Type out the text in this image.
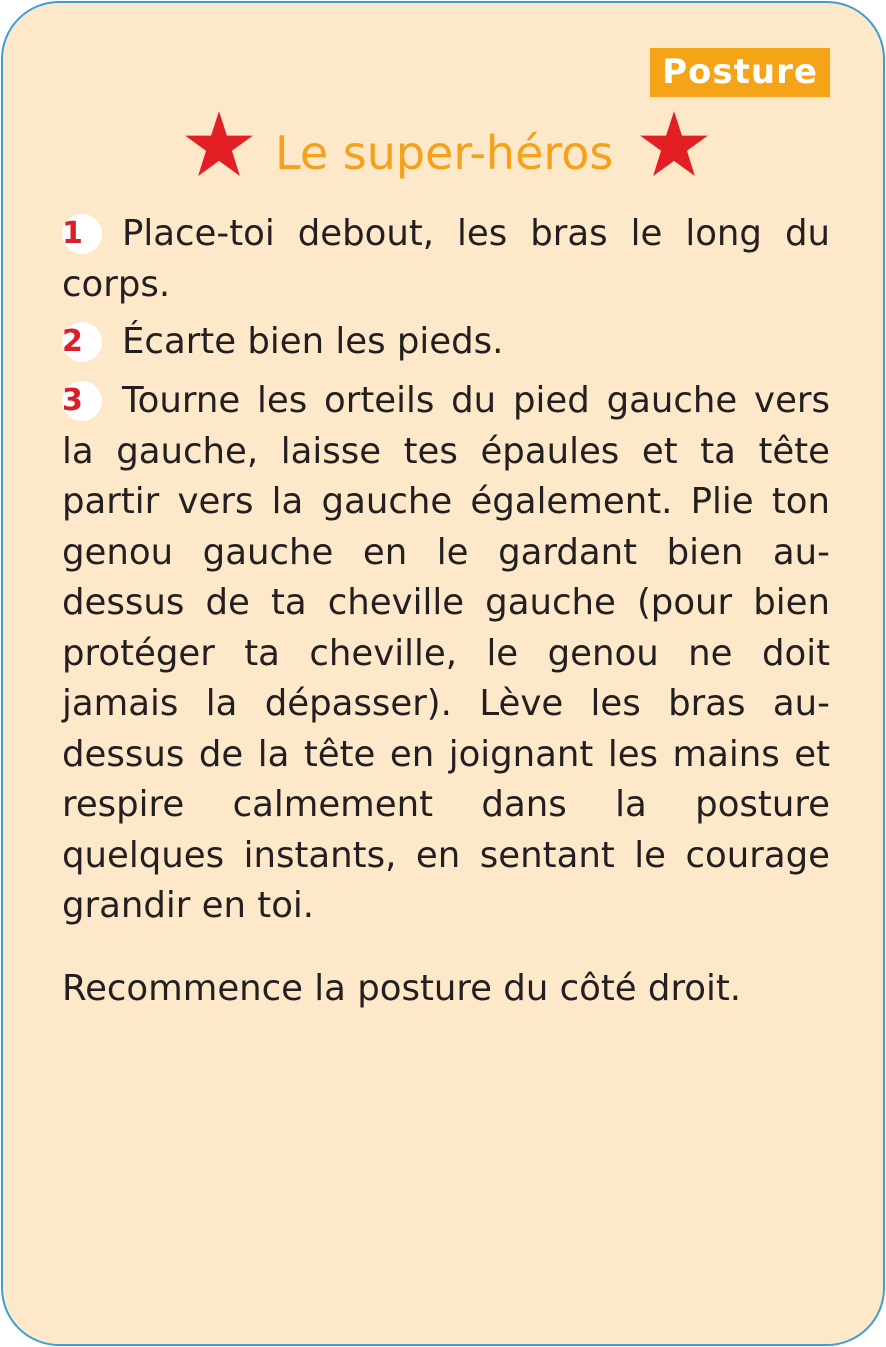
Posture
Le super-héros
1 Place-toi debout, les bras le long du corps.
2 Écarte bien les pieds.
3 Tourne les orteils du pied gauche vers la gauche, laisse tes épaules et ta tête partir vers la gauche également. Plie ton genou gauche en le gardant bien au-dessus de ta cheville gauche (pour bien protéger ta cheville, le genou ne doit jamais la dépasser). Lève les bras au-dessus de la tête en joignant les mains et respire calmement dans la posture quelques instants, en sentant le courage grandir en toi.
Recommence la posture du côté droit.
